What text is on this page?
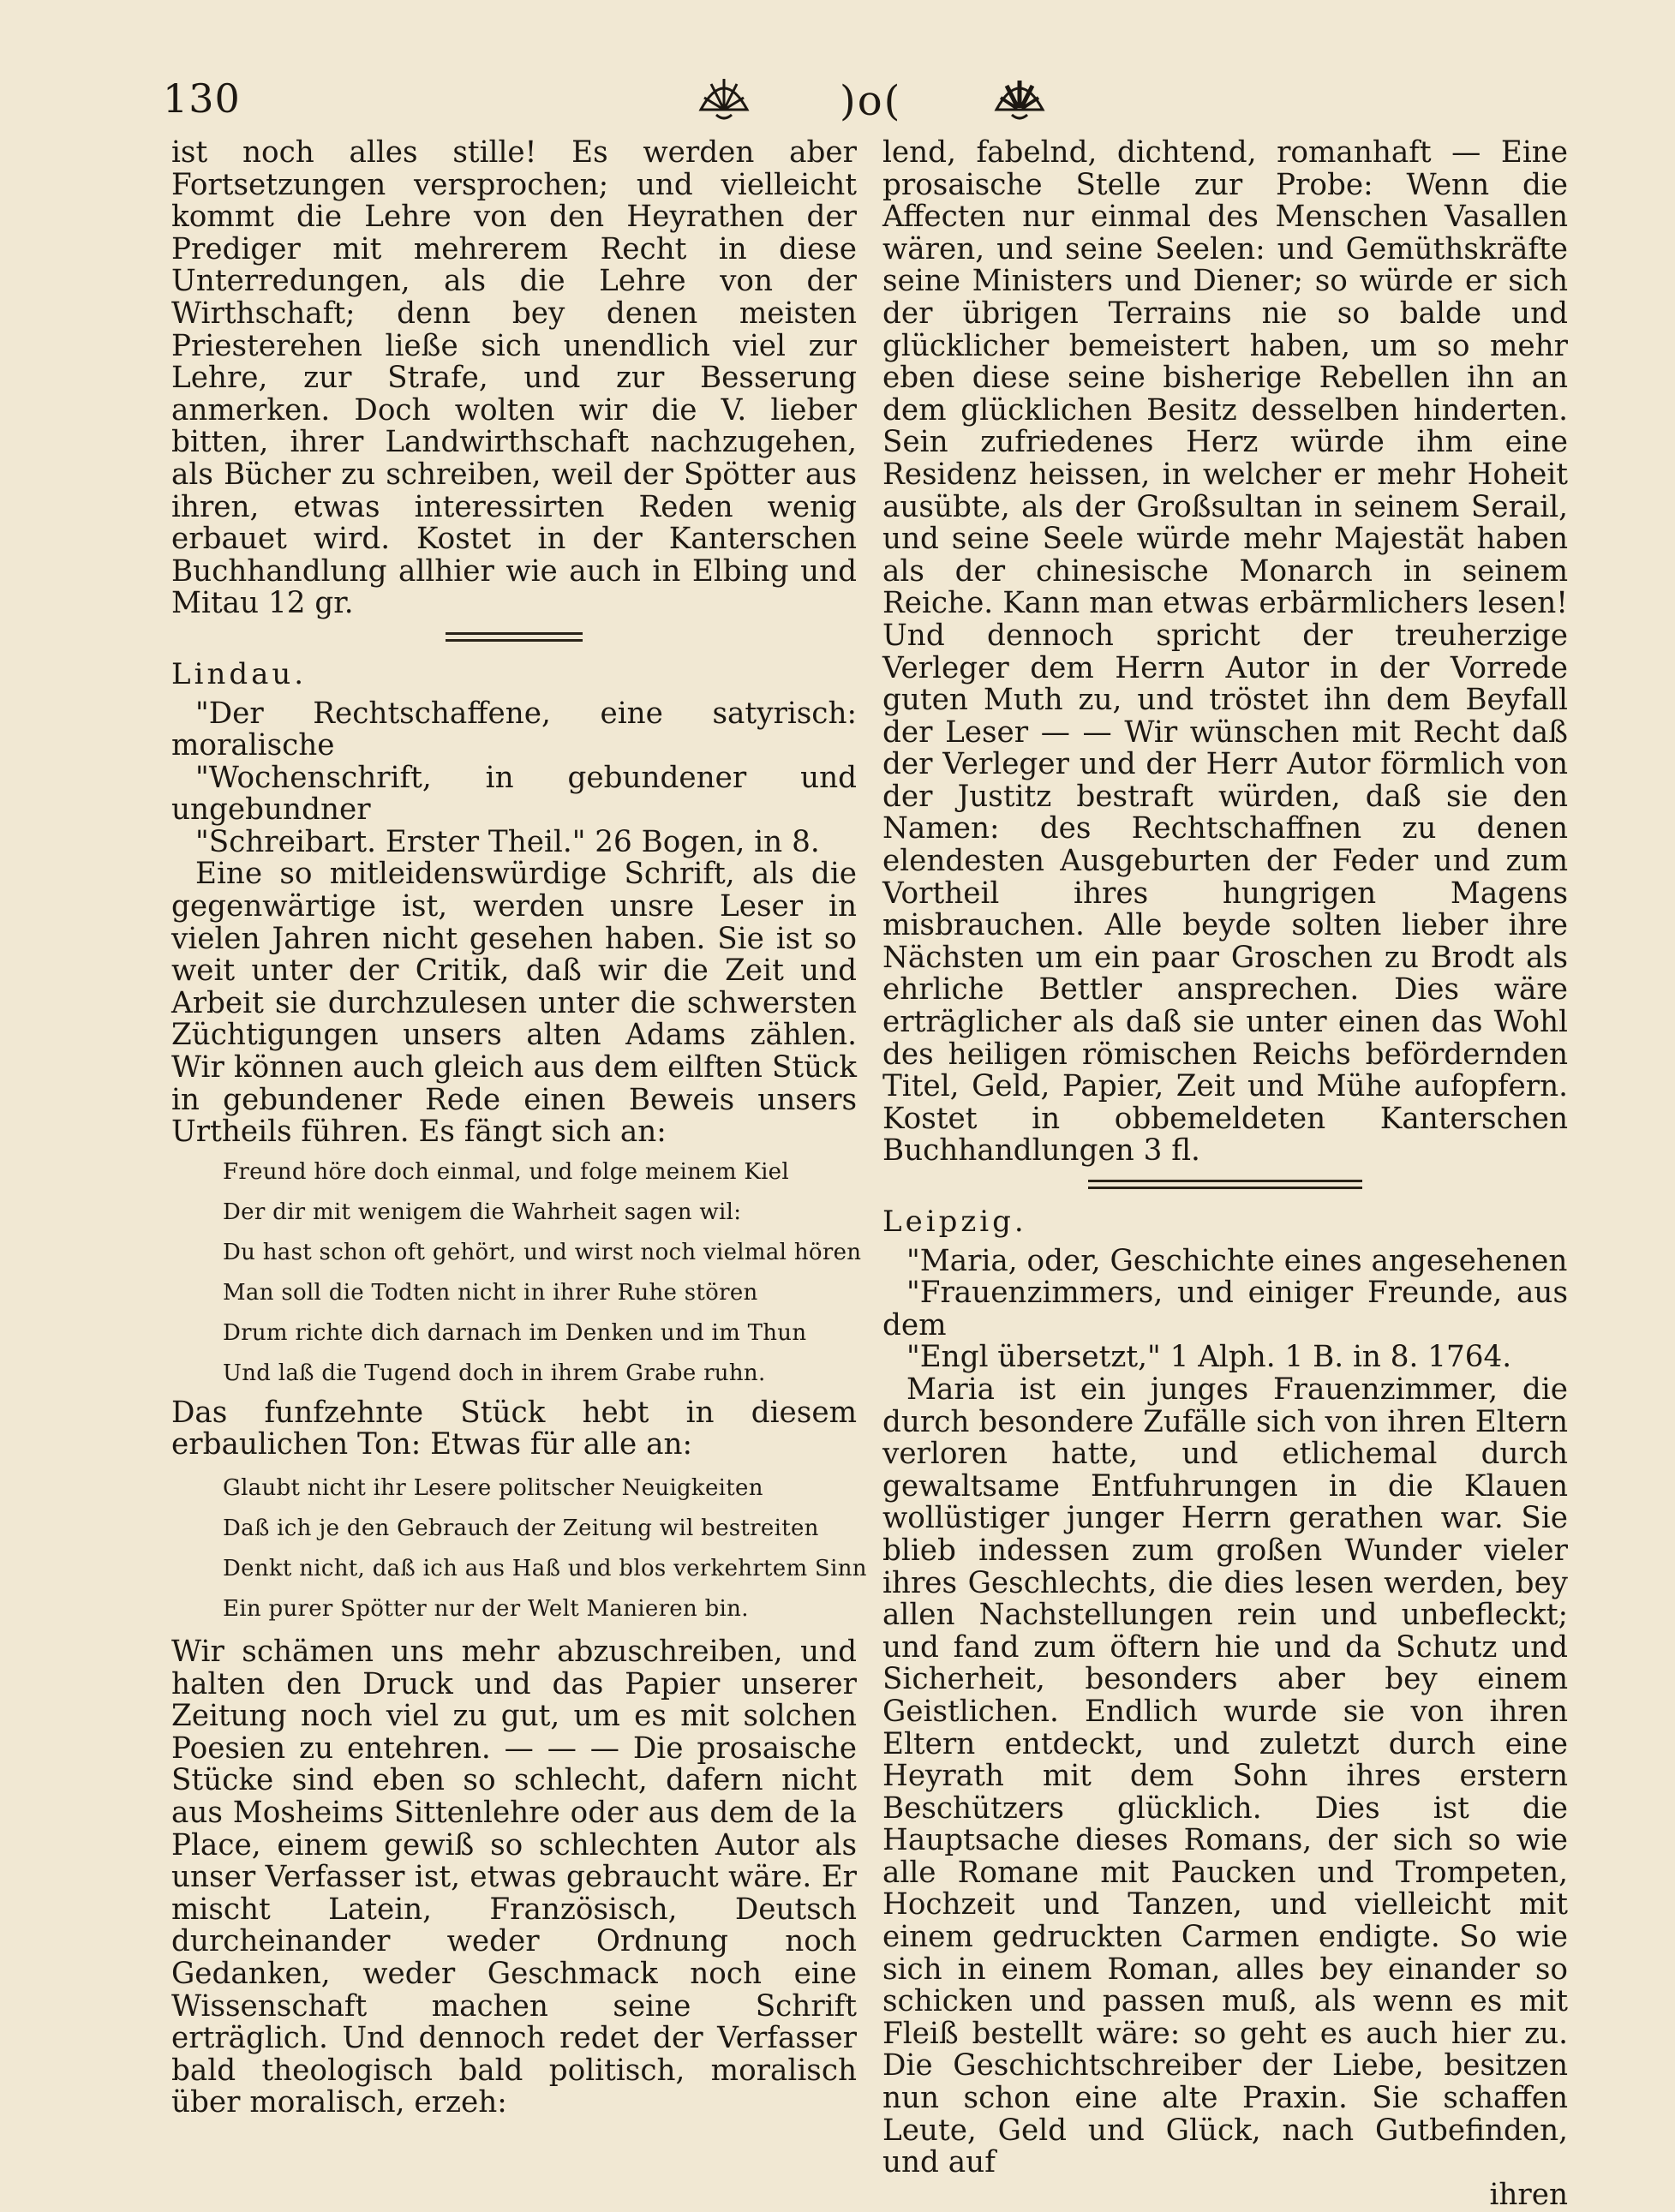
130	)o(

ist noch alles stille! Es werden aber Fortsetzungen versprochen; und vielleicht kommt die Lehre von den Heyrathen der Prediger mit mehrerem Recht in diese Unterredungen, als die Lehre von der Wirthschaft; denn bey denen meisten Priesterehen ließe sich unendlich viel zur Lehre, zur Strafe, und zur Besserung anmerken. Doch wolten wir die V. lieber bitten, ihrer Landwirthschaft nachzugehen, als Bücher zu schreiben, weil der Spötter aus ihren, etwas interessirten Reden wenig erbauet wird. Kostet in der Kanterschen Buchhandlung allhier wie auch in Elbing und Mitau 12 gr.

Lindau.

"Der Rechtschaffene, eine satyrisch: moralische

"Wochenschrift, in gebundener und ungebundner

"Schreibart. Erster Theil." 26 Bogen, in 8.

Eine so mitleidenswürdige Schrift, als die gegenwärtige ist, werden unsre Leser in vielen Jahren nicht gesehen haben. Sie ist so weit unter der Critik, daß wir die Zeit und Arbeit sie durchzulesen unter die schwersten Züchtigungen unsers alten Adams zählen. Wir können auch gleich aus dem eilften Stück in gebundener Rede einen Beweis unsers Urtheils führen. Es fängt sich an:

Freund höre doch einmal, und folge meinem Kiel
Der dir mit wenigem die Wahrheit sagen wil:
Du hast schon oft gehört, und wirst noch vielmal hören
Man soll die Todten nicht in ihrer Ruhe stören
Drum richte dich darnach im Denken und im Thun
Und laß die Tugend doch in ihrem Grabe ruhn.

Das funfzehnte Stück hebt in diesem erbaulichen Ton: Etwas für alle an:

Glaubt nicht ihr Lesere politscher Neuigkeiten
Daß ich je den Gebrauch der Zeitung wil bestreiten
Denkt nicht, daß ich aus Haß und blos verkehrtem Sinn
Ein purer Spötter nur der Welt Manieren bin.

Wir schämen uns mehr abzuschreiben, und halten den Druck und das Papier unserer Zeitung noch viel zu gut, um es mit solchen Poesien zu entehren. — — — Die prosaische Stücke sind eben so schlecht, dafern nicht aus Mosheims Sittenlehre oder aus dem de la Place, einem gewiß so schlechten Autor als unser Verfasser ist, etwas gebraucht wäre. Er mischt Latein, Französisch, Deutsch durcheinander weder Ordnung noch Gedanken, weder Geschmack noch eine Wissenschaft machen seine Schrift erträglich. Und dennoch redet der Verfasser bald theologisch bald politisch, moralisch über moralisch, erzeh:

lend, fabelnd, dichtend, romanhaft — Eine prosaische Stelle zur Probe: Wenn die Affecten nur einmal des Menschen Vasallen wären, und seine Seelen: und Gemüthskräfte seine Ministers und Diener; so würde er sich der übrigen Terrains nie so balde und glücklicher bemeistert haben, um so mehr eben diese seine bisherige Rebellen ihn an dem glücklichen Besitz desselben hinderten. Sein zufriedenes Herz würde ihm eine Residenz heissen, in welcher er mehr Hoheit ausübte, als der Großsultan in seinem Serail, und seine Seele würde mehr Majestät haben als der chinesische Monarch in seinem Reiche. Kann man etwas erbärmlichers lesen! Und dennoch spricht der treuherzige Verleger dem Herrn Autor in der Vorrede guten Muth zu, und tröstet ihn dem Beyfall der Leser — — Wir wünschen mit Recht daß der Verleger und der Herr Autor förmlich von der Justitz bestraft würden, daß sie den Namen: des Rechtschaffnen zu denen elendesten Ausgeburten der Feder und zum Vortheil ihres hungrigen Magens misbrauchen. Alle beyde solten lieber ihre Nächsten um ein paar Groschen zu Brodt als ehrliche Bettler ansprechen. Dies wäre erträglicher als daß sie unter einen das Wohl des heiligen römischen Reichs befördernden Titel, Geld, Papier, Zeit und Mühe aufopfern. Kostet in obbemeldeten Kanterschen Buchhandlungen 3 fl.

Leipzig.

"Maria, oder, Geschichte eines angesehenen

"Frauenzimmers, und einiger Freunde, aus dem

"Engl übersetzt," 1 Alph. 1 B. in 8. 1764.

Maria ist ein junges Frauenzimmer, die durch besondere Zufälle sich von ihren Eltern verloren hatte, und etlichemal durch gewaltsame Entfuhrungen in die Klauen wollüstiger junger Herrn gerathen war. Sie blieb indessen zum großen Wunder vieler ihres Geschlechts, die dies lesen werden, bey allen Nachstellungen rein und unbefleckt; und fand zum öftern hie und da Schutz und Sicherheit, besonders aber bey einem Geistlichen. Endlich wurde sie von ihren Eltern entdeckt, und zuletzt durch eine Heyrath mit dem Sohn ihres erstern Beschützers glücklich. Dies ist die Hauptsache dieses Romans, der sich so wie alle Romane mit Paucken und Trompeten, Hochzeit und Tanzen, und vielleicht mit einem gedruckten Carmen endigte. So wie sich in einem Roman, alles bey einander so schicken und passen muß, als wenn es mit Fleiß bestellt wäre: so geht es auch hier zu. Die Geschichtschreiber der Liebe, besitzen nun schon eine alte Praxin. Sie schaffen Leute, Geld und Glück, nach Gutbefinden, und auf

ihren
